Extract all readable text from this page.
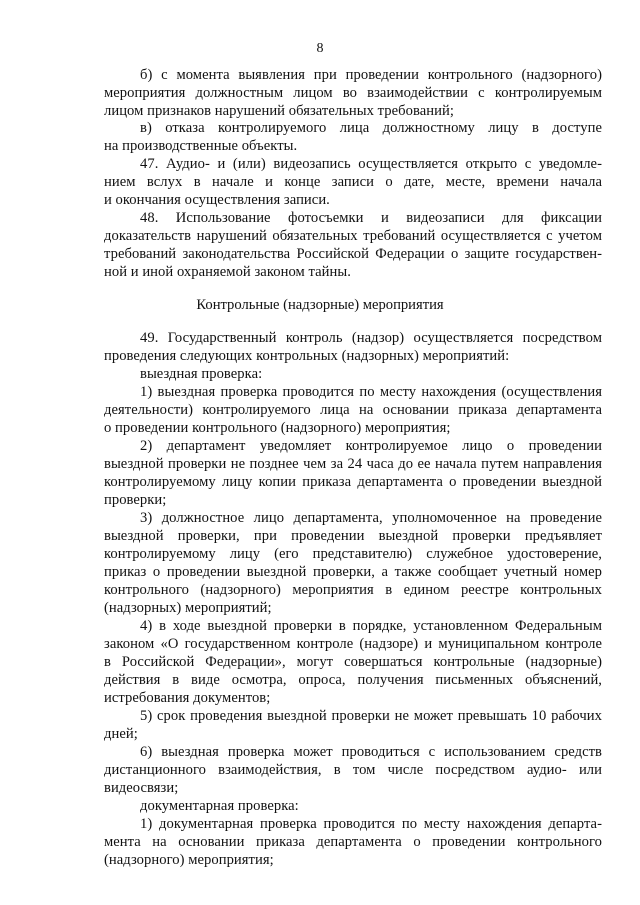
8
б) с момента выявления при проведении контрольного (надзорного)
мероприятия должностным лицом во взаимодействии с контролируемым
лицом признаков нарушений обязательных требований;
в) отказа контролируемого лица должностному лицу в доступе
на производственные объекты.
47. Аудио- и (или) видеозапись осуществляется открыто с уведомле-
нием вслух в начале и конце записи о дате, месте, времени начала
и окончания осуществления записи.
48. Использование фотосъемки и видеозаписи для фиксации
доказательств нарушений обязательных требований осуществляется с учетом
требований законодательства Российской Федерации о защите государствен-
ной и иной охраняемой законом тайны.
Контрольные (надзорные) мероприятия
49. Государственный контроль (надзор) осуществляется посредством
проведения следующих контрольных (надзорных) мероприятий:
выездная проверка:
1) выездная проверка проводится по месту нахождения (осуществления
деятельности) контролируемого лица на основании приказа департамента
о проведении контрольного (надзорного) мероприятия;
2) департамент уведомляет контролируемое лицо о проведении
выездной проверки не позднее чем за 24 часа до ее начала путем направления
контролируемому лицу копии приказа департамента о проведении выездной
проверки;
3) должностное лицо департамента, уполномоченное на проведение
выездной проверки, при проведении выездной проверки предъявляет
контролируемому лицу (его представителю) служебное удостоверение,
приказ о проведении выездной проверки, а также сообщает учетный номер
контрольного (надзорного) мероприятия в едином реестре контрольных
(надзорных) мероприятий;
4) в ходе выездной проверки в порядке, установленном Федеральным
законом «О государственном контроле (надзоре) и муниципальном контроле
в Российской Федерации», могут совершаться контрольные (надзорные)
действия в виде осмотра, опроса, получения письменных объяснений,
истребования документов;
5) срок проведения выездной проверки не может превышать 10 рабочих
дней;
6) выездная проверка может проводиться с использованием средств
дистанционного взаимодействия, в том числе посредством аудио- или
видеосвязи;
документарная проверка:
1) документарная проверка проводится по месту нахождения департа-
мента на основании приказа департамента о проведении контрольного
(надзорного) мероприятия;
